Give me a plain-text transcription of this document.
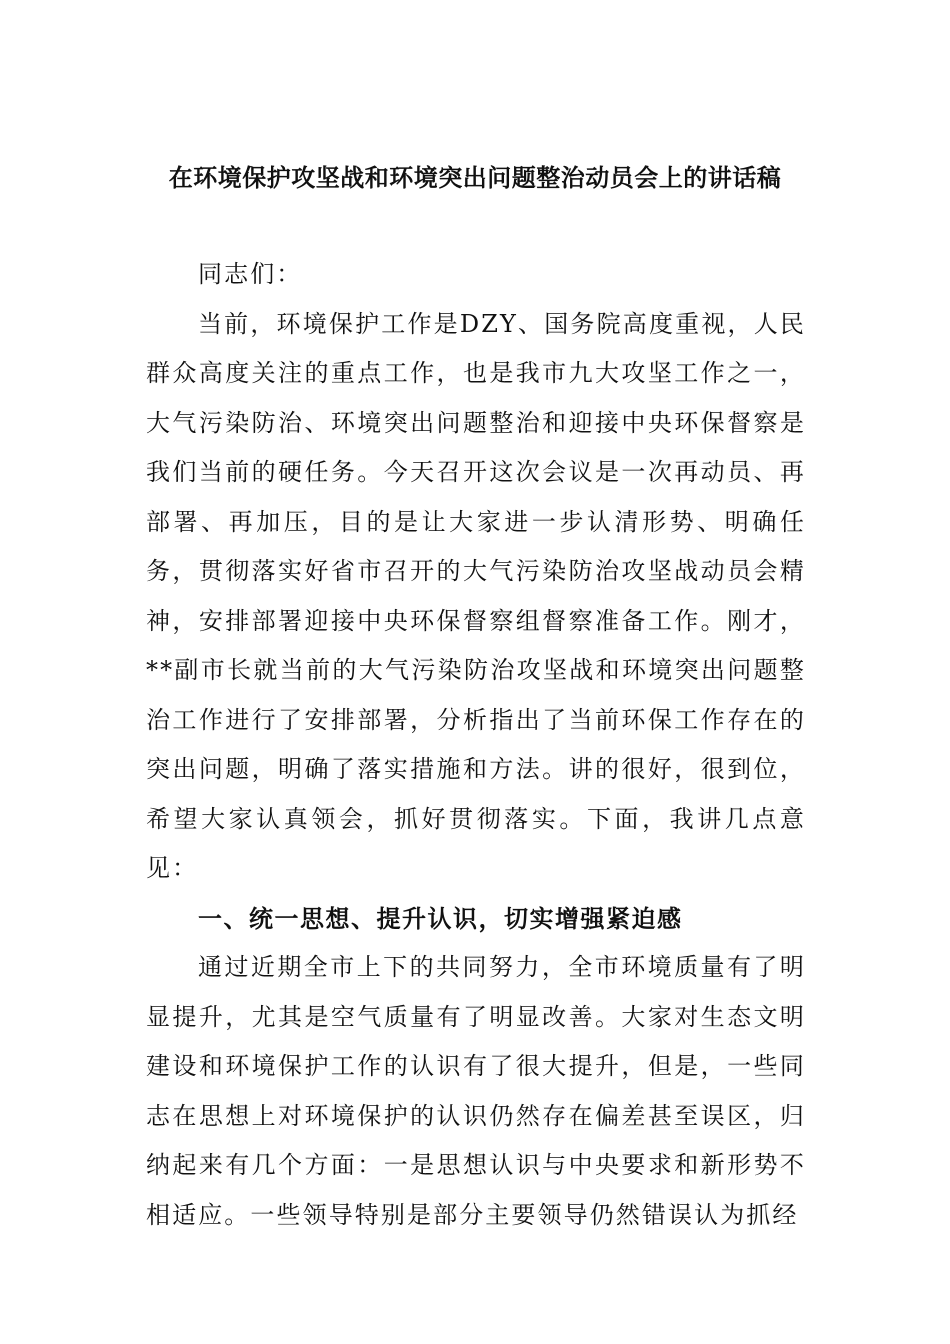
在环境保护攻坚战和环境突出问题整治动员会上的讲话稿

同志们：

当前，环境保护工作是DZY、国务院高度重视，人民群众高度关注的重点工作，也是我市九大攻坚工作之一，大气污染防治、环境突出问题整治和迎接中央环保督察是我们当前的硬任务。今天召开这次会议是一次再动员、再部署、再加压，目的是让大家进一步认清形势、明确任务，贯彻落实好省市召开的大气污染防治攻坚战动员会精神，安排部署迎接中央环保督察组督察准备工作。刚才，**副市长就当前的大气污染防治攻坚战和环境突出问题整治工作进行了安排部署，分析指出了当前环保工作存在的突出问题，明确了落实措施和方法。讲的很好，很到位，希望大家认真领会，抓好贯彻落实。下面，我讲几点意见：

一、统一思想、提升认识，切实增强紧迫感

通过近期全市上下的共同努力，全市环境质量有了明显提升，尤其是空气质量有了明显改善。大家对生态文明建设和环境保护工作的认识有了很大提升，但是，一些同志在思想上对环境保护的认识仍然存在偏差甚至误区，归纳起来有几个方面：一是思想认识与中央要求和新形势不相适应。一些领导特别是部分主要领导仍然错误认为抓经
